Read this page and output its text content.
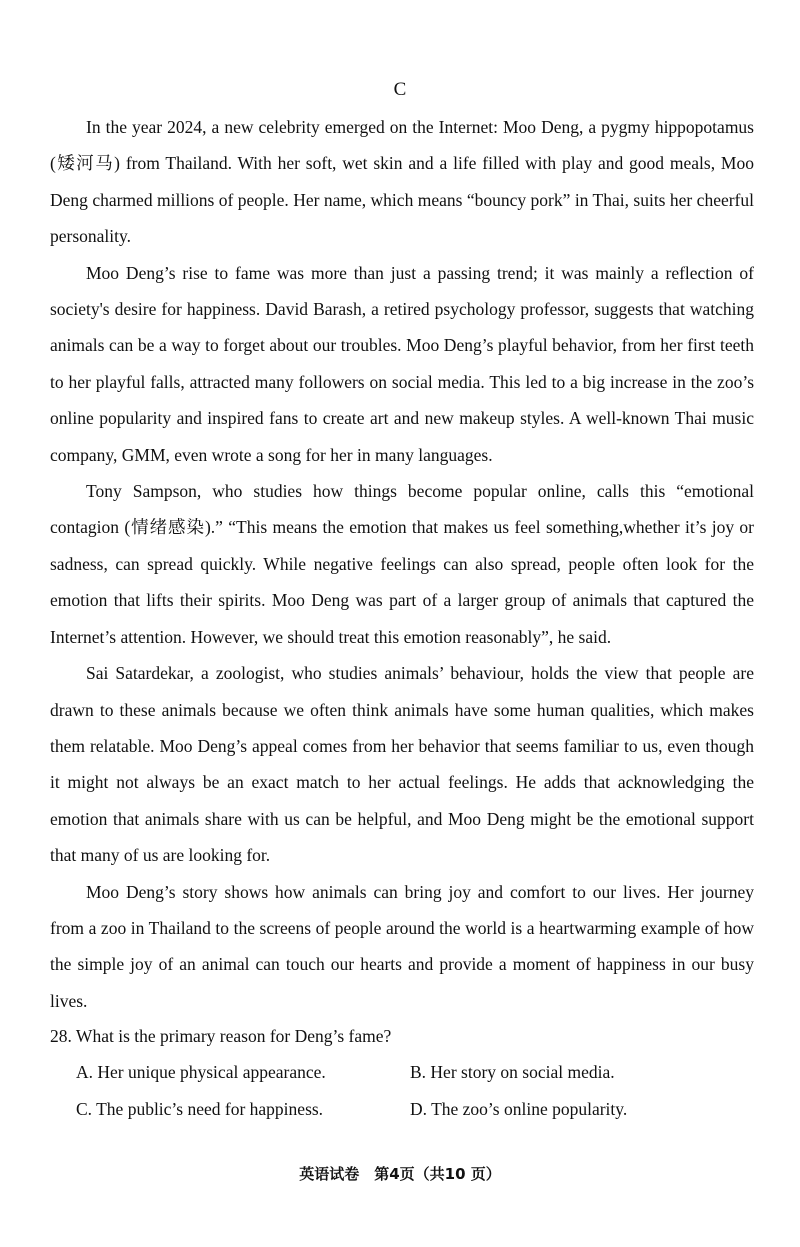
C

In the year 2024, a new celebrity emerged on the Internet: Moo Deng, a pygmy hippopotamus (矮河马) from Thailand. With her soft, wet skin and a life filled with play and good meals, Moo Deng charmed millions of people. Her name, which means “bouncy pork” in Thai, suits her cheerful personality.

Moo Deng’s rise to fame was more than just a passing trend; it was mainly a reflection of society's desire for happiness. David Barash, a retired psychology professor, suggests that watching animals can be a way to forget about our troubles. Moo Deng’s playful behavior, from her first teeth to her playful falls, attracted many followers on social media. This led to a big increase in the zoo’s online popularity and inspired fans to create art and new makeup styles. A well-known Thai music company, GMM, even wrote a song for her in many languages.

Tony Sampson, who studies how things become popular online, calls this “emotional contagion (情绪感染).” “This means the emotion that makes us feel something,whether it’s joy or sadness, can spread quickly. While negative feelings can also spread, people often look for the emotion that lifts their spirits. Moo Deng was part of a larger group of animals that captured the Internet’s attention. However, we should treat this emotion reasonably”, he said.

Sai Satardekar, a zoologist, who studies animals’ behaviour, holds the view that people are drawn to these animals because we often think animals have some human qualities, which makes them relatable. Moo Deng’s appeal comes from her behavior that seems familiar to us, even though it might not always be an exact match to her actual feelings. He adds that acknowledging the emotion that animals share with us can be helpful, and Moo Deng might be the emotional support that many of us are looking for.

Moo Deng’s story shows how animals can bring joy and comfort to our lives. Her journey from a zoo in Thailand to the screens of people around the world is a heartwarming example of how the simple joy of an animal can touch our hearts and provide a moment of happiness in our busy lives.

28. What is the primary reason for Deng’s fame?

A. Her unique physical appearance.	B. Her story on social media.
C. The public’s need for happiness.	D. The zoo’s online popularity.
英语试卷　第4页（共10 页）
